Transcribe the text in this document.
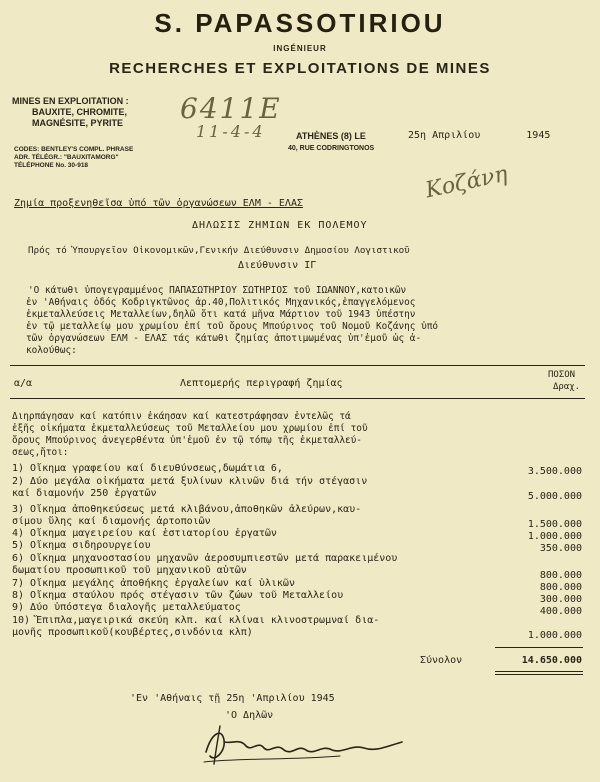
S. PAPASSOTIRIOU
INGÉNIEUR
RECHERCHES ET EXPLOITATIONS DE MINES
MINES EN EXPLOITATION :
BAUXITE, CHROMITE,
MAGNÉSITE, PYRITE
CODES: BENTLEY'S COMPL. PHRASE
ADR. TÉLÉGR.: "BAUXITAMORG"
TÉLÉPHONE No. 30-918
6411Ε
11-4-4
Κοζάνη
ATHÈNES (8) LE	25η Απριλίου	1945
40, RUE CODRINGTONOS
Ζημία προξενηθεῖσα ὑπό τῶν ὀργανώσεων ΕΛΜ - ΕΛΑΣ
ΔΗΛΩΣΙΣ ΖΗΜΙΩΝ ΕΚ ΠΟΛΕΜΟΥ
Πρός τό Ὑπουργεῖον Οἰκονομικῶν,Γενικήν Διεύθυνσιν Δημοσίου Λογιστικοῦ
Διεύθυνσιν ΙΓ
'Ο κάτωθι ὑπογεγραμμένος ΠΑΠΑΣΩΤΗΡΙΟΥ ΣΩΤΗΡΙΟΣ τοῦ ΙΩΑΝΝΟΥ,κατοικῶν
ἐν 'Αθήναις ὁδός Κοδριγκτῶνος ἀρ.40,Πολιτικός Μηχανικός,ἐπαγγελόμενος
ἐκμεταλλεύσεις Μεταλλείων,δηλῶ ὅτι κατά μῆνα Μάρτιον τοῦ 1943 ὑπέστην
ἐν τῷ μεταλλείῳ μου χρωμίου ἐπί τοῦ ὄρους Μπούρινος τοῦ Νομοῦ Κοζάνης ὑπό
τῶν ὀργανώσεων ΕΛΜ - ΕΛΑΣ τάς κάτωθι ζημίας ἀποτιμωμένας ὑπ'ἐμοῦ ὡς ἀ-
κολούθως:
α/α	Λεπτομερής περιγραφή ζημίας
ΠΟΣΟΝ
Δραχ.
Διηρπάγησαν καί κατόπιν ἐκάησαν καί κατεστράφησαν ἐντελῶς τά
ἑξῆς οἰκήματα ἐκμεταλλεύσεως τοῦ Μεταλλείου μου χρωμίου ἐπί τοῦ
ὄρους Μπούρινος ἀνεγερθέντα ὑπ'ἐμοῦ ἐν τῷ τόπῳ τῆς ἐκμεταλλεύ-
σεως,ἤτοι:
1) Οἴκημα γραφείου καί διευθύνσεως,δωμάτια 6,	3.500.000
2) Δύο μεγάλα οἰκήματα μετά ξυλίνων κλινῶν διά τήν στέγασιν
καί διαμονήν 250 ἐργατῶν	5.000.000
3) Οἴκημα ἀποθηκεύσεως μετά κλιβάνου,ἀποθηκῶν ἀλεύρων,καυ-
σίμου ὕλης καί διαμονής ἀρτοποιῶν	1.500.000
4) Οἴκημα μαγειρείου καί ἑστιατορίου ἐργατῶν	1.000.000
5) Οἴκημα σιδηρουργείου	350.000
6) Οἴκημα μηχανοστασίου μηχανῶν ἀεροσυμπιεστῶν μετά παρακειμένου
δωματίου προσωπικοῦ τοῦ μηχανικοῦ αὐτῶν	800.000
7) Οἴκημα μεγάλης ἀποθήκης ἐργαλείων καί ὑλικῶν	800.000
8) Οἴκημα σταύλου πρός στέγασιν τῶν ζώων τοῦ Μεταλλείου	300.000
9) Δύο ὑπόστεγα διαλογῆς μεταλλεύματος	400.000
10) Ἔπιπλα,μαγειρικά σκεύη κλπ. καί κλίναι κλινοστρωμναί δια-
μονῆς προσωπικοῦ(κουβέρτες,σινδόνια κλπ)	1.000.000
Σύνολον	14.650.000
'Εν 'Αθήναις τῇ 25η 'Απριλίου 1945
'Ο Δηλῶν
